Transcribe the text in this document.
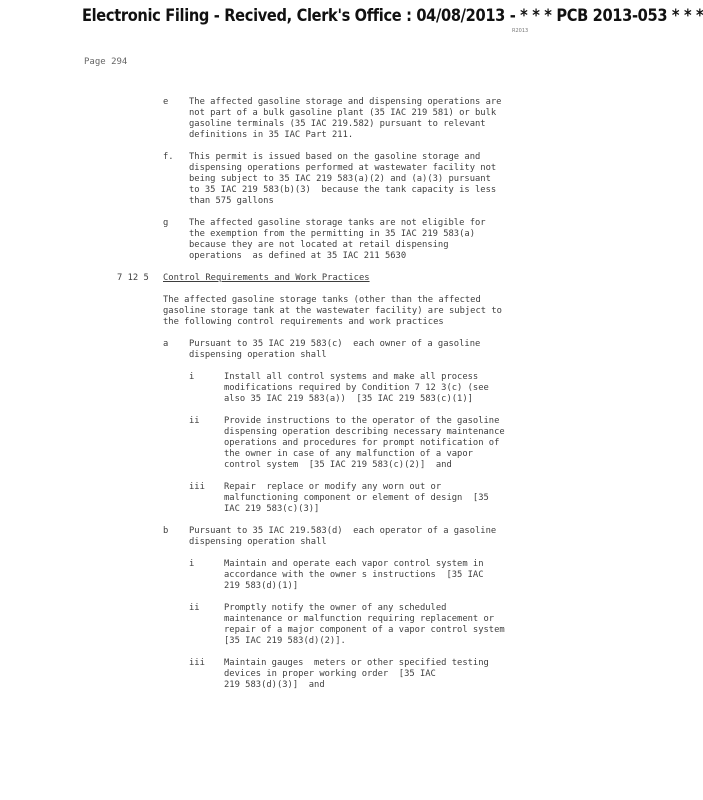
Electronic Filing - Recived, Clerk's Office : 04/08/2013 - * * * PCB 2013-053 * * *
R2013
Page 294
e The affected gasoline storage and dispensing operations are
not part of a bulk gasoline plant (35 IAC 219 581) or bulk
gasoline terminals (35 IAC 219.582) pursuant to relevant
definitions in 35 IAC Part 211.
f. This permit is issued based on the gasoline storage and
dispensing operations performed at wastewater facility not
being subject to 35 IAC 219 583(a)(2) and (a)(3) pursuant
to 35 IAC 219 583(b)(3)  because the tank capacity is less
than 575 gallons
g The affected gasoline storage tanks are not eligible for
the exemption from the permitting in 35 IAC 219 583(a)
because they are not located at retail dispensing
operations  as defined at 35 IAC 211 5630
7 12 5 Control Requirements and Work Practices
The affected gasoline storage tanks (other than the affected
gasoline storage tank at the wastewater facility) are subject to
the following control requirements and work practices
a Pursuant to 35 IAC 219 583(c)  each owner of a gasoline
dispensing operation shall
i	Install all control systems and make all process
modifications required by Condition 7 12 3(c) (see
also 35 IAC 219 583(a))  [35 IAC 219 583(c)(1)]
ii	Provide instructions to the operator of the gasoline
dispensing operation describing necessary maintenance
operations and procedures for prompt notification of
the owner in case of any malfunction of a vapor
control system  [35 IAC 219 583(c)(2)]  and
iii Repair  replace or modify any worn out or
malfunctioning component or element of design  [35
IAC 219 583(c)(3)]
b Pursuant to 35 IAC 219.583(d)  each operator of a gasoline
dispensing operation shall
i	Maintain and operate each vapor control system in
accordance with the owner s instructions  [35 IAC
219 583(d)(1)]
ii	Promptly notify the owner of any scheduled
maintenance or malfunction requiring replacement or
repair of a major component of a vapor control system
[35 IAC 219 583(d)(2)].
iii Maintain gauges  meters or other specified testing
devices in proper working order  [35 IAC
219 583(d)(3)]  and
